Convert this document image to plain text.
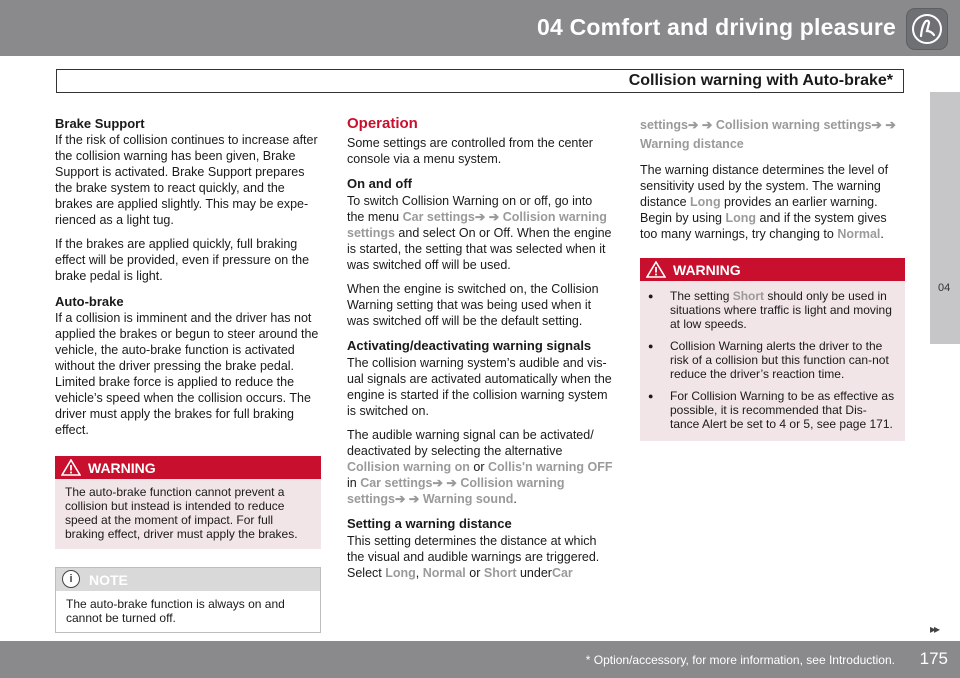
04 Comfort and driving pleasure
Collision warning with Auto-brake*
04
Brake Support

If the risk of collision continues to increase after the collision warning has been given, Brake Support is activated. Brake Support prepares the brake system to react quickly, and the brakes are applied slightly. This may be expe-rienced as a light tug.

If the brakes are applied quickly, full braking effect will be provided, even if pressure on the brake pedal is light.

Auto-brake

If a collision is imminent and the driver has not applied the brakes or begun to steer around the vehicle, the auto-brake function is activated without the driver pressing the brake pedal. Limited brake force is applied to reduce the vehicle’s speed when the collision occurs. The driver must apply the brakes for full braking effect.

WARNING
The auto-brake function cannot prevent a collision but instead is intended to reduce speed at the moment of impact. For full braking effect, driver must apply the brakes.
i	NOTE
The auto-brake function is always on and cannot be turned off.
Operation

Some settings are controlled from the center console via a menu system.

On and off

To switch Collision Warning on or off, go into the menu Car settings➔ ➔ Collision warning settings and select On or Off. When the engine is started, the setting that was selected when it was switched off will be used.

When the engine is switched on, the Collision Warning setting that was being used when it was switched off will be the default setting.

Activating/deactivating warning signals

The collision warning system’s audible and vis-ual signals are activated automatically when the engine is started if the collision warning system is switched on.

The audible warning signal can be activated/ deactivated by selecting the alternative Collision warning on or Collis'n warning OFF in Car settings➔ ➔ Collision warning settings➔ ➔ Warning sound.

Setting a warning distance

This setting determines the distance at which the visual and audible warnings are triggered. Select Long, Normal or Short underCar

settings➔ ➔ Collision warning settings➔ ➔ Warning distance

The warning distance determines the level of sensitivity used by the system. The warning distance Long provides an earlier warning. Begin by using Long and if the system gives too many warnings, try changing to Normal.

WARNING
● The setting Short should only be used in situations where traffic is light and moving at low speeds.
● Collision Warning alerts the driver to the risk of a collision but this function can-not reduce the driver’s reaction time.
● For Collision Warning to be as effective as possible, it is recommended that Dis-tance Alert be set to 4 or 5, see page 171.
▸▸
* Option/accessory, for more information, see Introduction. 175
